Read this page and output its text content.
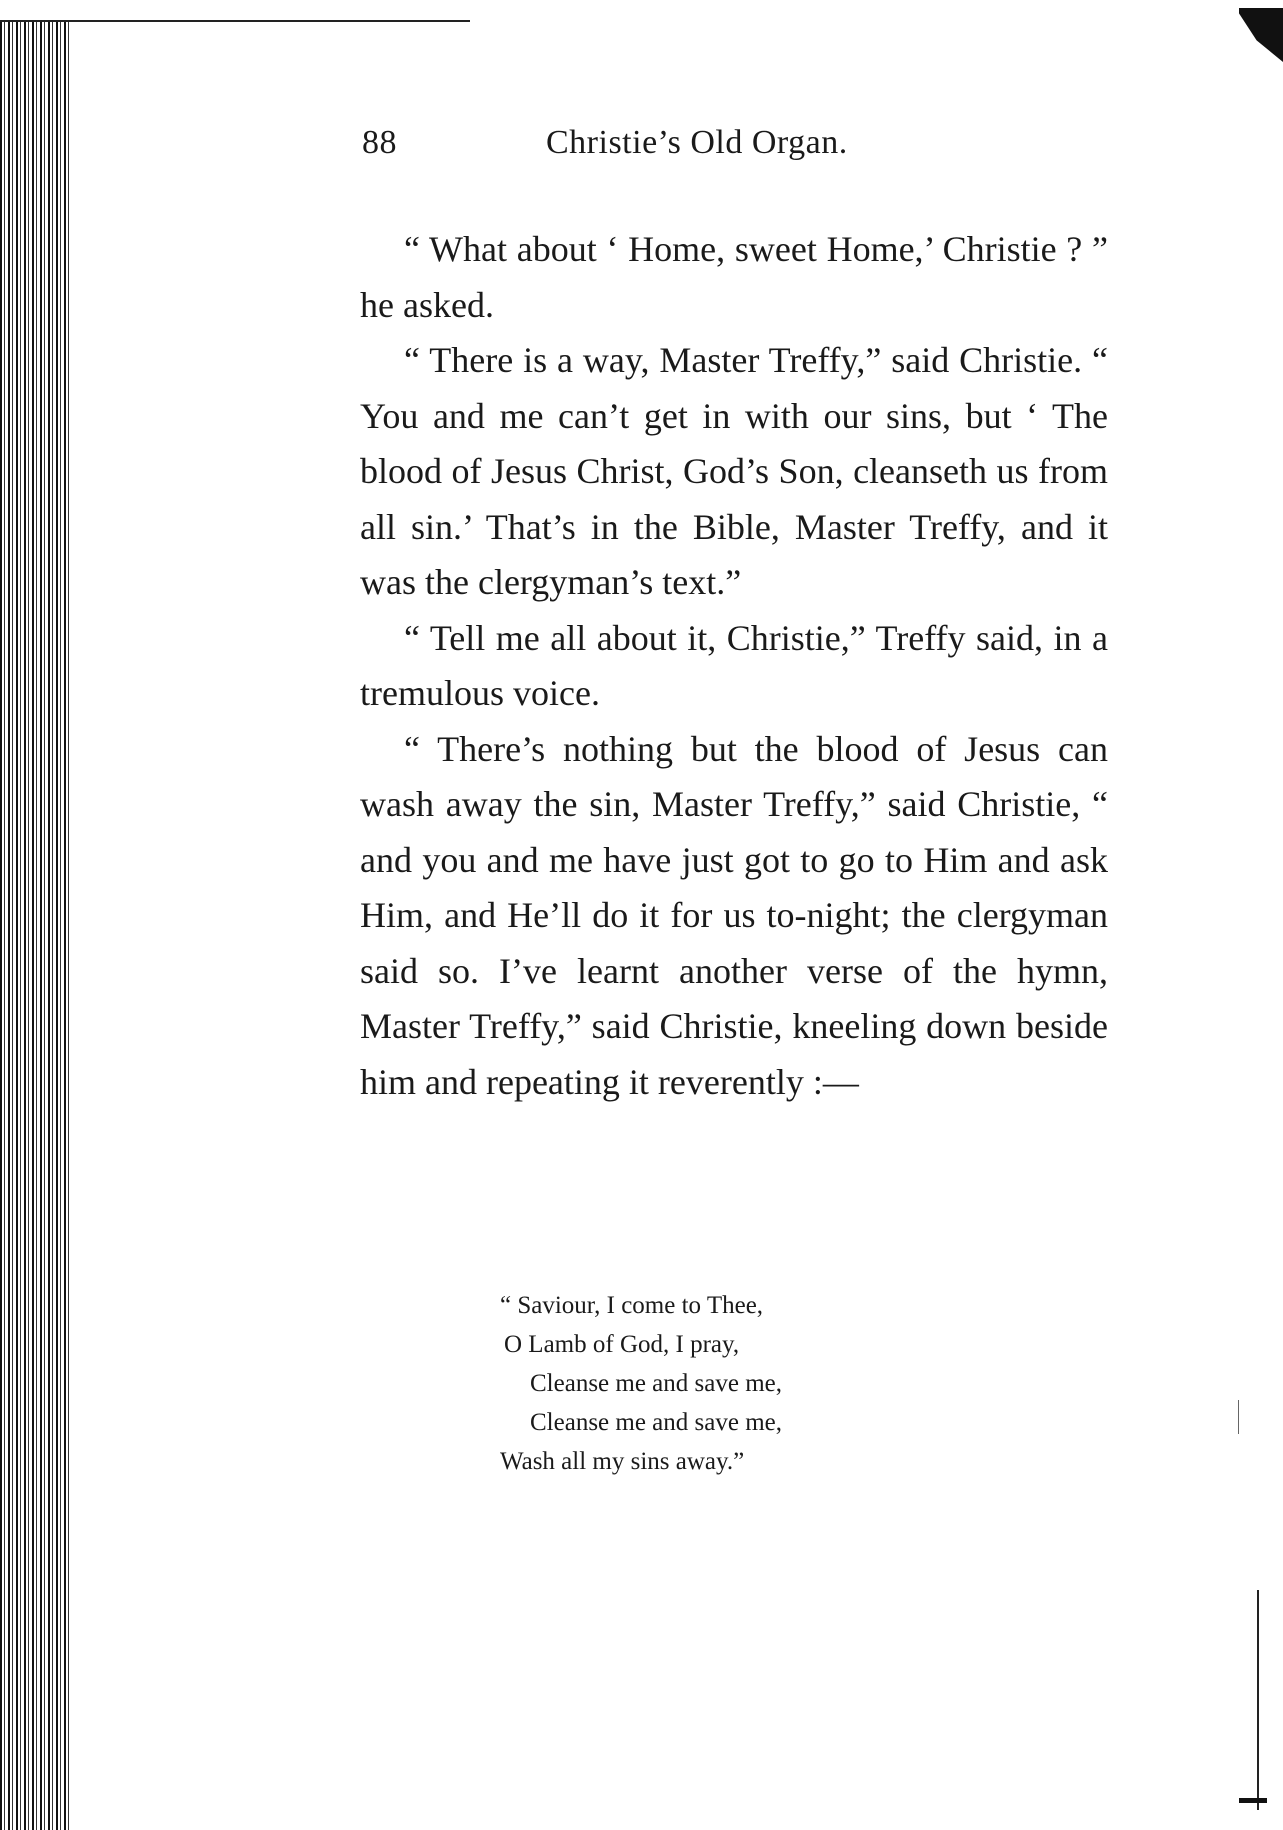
88	Christie’s Old Organ.

“ What about ‘ Home, sweet Home,’ Christie ? ” he asked.

“ There is a way, Master Treffy,” said Christie. “ You and me can’t get in with our sins, but ‘ The blood of Jesus Christ, God’s Son, cleanseth us from all sin.’ That’s in the Bible, Master Treffy, and it was the clergyman’s text.”

“ Tell me all about it, Christie,” Treffy said, in a tremulous voice.

“ There’s nothing but the blood of Jesus can wash away the sin, Master Treffy,” said Christie, “ and you and me have just got to go to Him and ask Him, and He’ll do it for us to-night; the clergyman said so. I’ve learnt another verse of the hymn, Master Treffy,” said Christie, kneeling down beside him and repeating it reverently :—

“ Saviour, I come to Thee,
O Lamb of God, I pray,
Cleanse me and save me,
Cleanse me and save me,
Wash all my sins away.”
